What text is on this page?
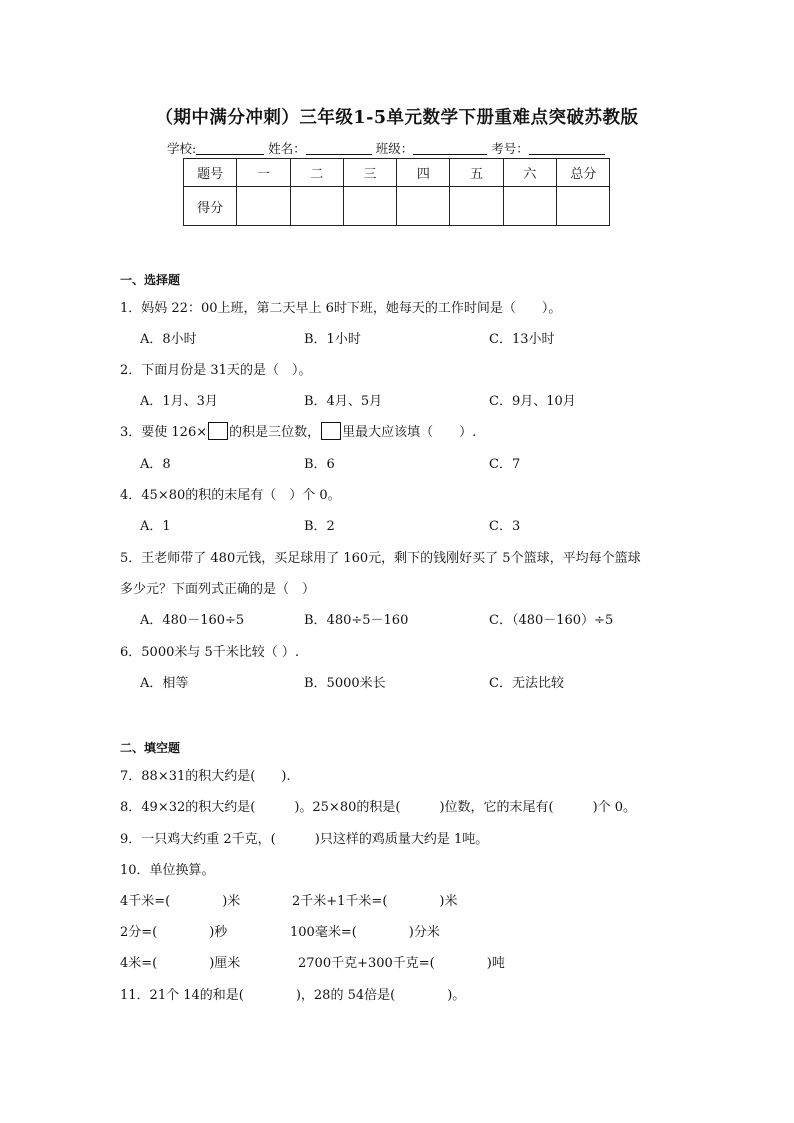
（期中满分冲刺）三年级1-5单元数学下册重难点突破苏教版
学校:	姓名：	班级：	考号：
题号	一	二	三	四	五	六	总分
得分							
一、选择题
1．妈妈 22：00上班，第二天早上 6时下班，她每天的工作时间是（　　）。
A．8小时	B．1小时	C．13小时
2．下面月份是 31天的是（　）。
A．1月、3月	B．4月、5月	C．9月、10月
3．要使 126× 的积是三位数， 里最大应该填（　　）.
A．8	B．6	C．7
4．45×80的积的末尾有（　）个 0。
A．1	B．2	C．3
5．王老师带了 480元钱，买足球用了 160元，剩下的钱刚好买了 5个篮球，平均每个篮球
多少元？下面列式正确的是（　）
A．480－160÷5	B．480÷5－160	C．（480－160）÷5
6．5000米与 5千米比较（ ）.
A．相等	B．5000米长	C．无法比较
二、填空题
7．88×31的积大约是(　　).
8．49×32的积大约是(　　　)。25×80的积是(　　　)位数，它的末尾有(　　　)个 0。
9．一只鸡大约重 2千克，(　　　)只这样的鸡质量大约是 1吨。
10．单位换算。
4千米=(　　　　)米	2千米+1千米=(　　　　)米
2分=(　　　　)秒	100毫米=(　　　　)分米
4米=(　　　　)厘米	2700千克+300千克=(　　　　)吨
11．21个 14的和是(　　　　)，28的 54倍是(　　　　)。
